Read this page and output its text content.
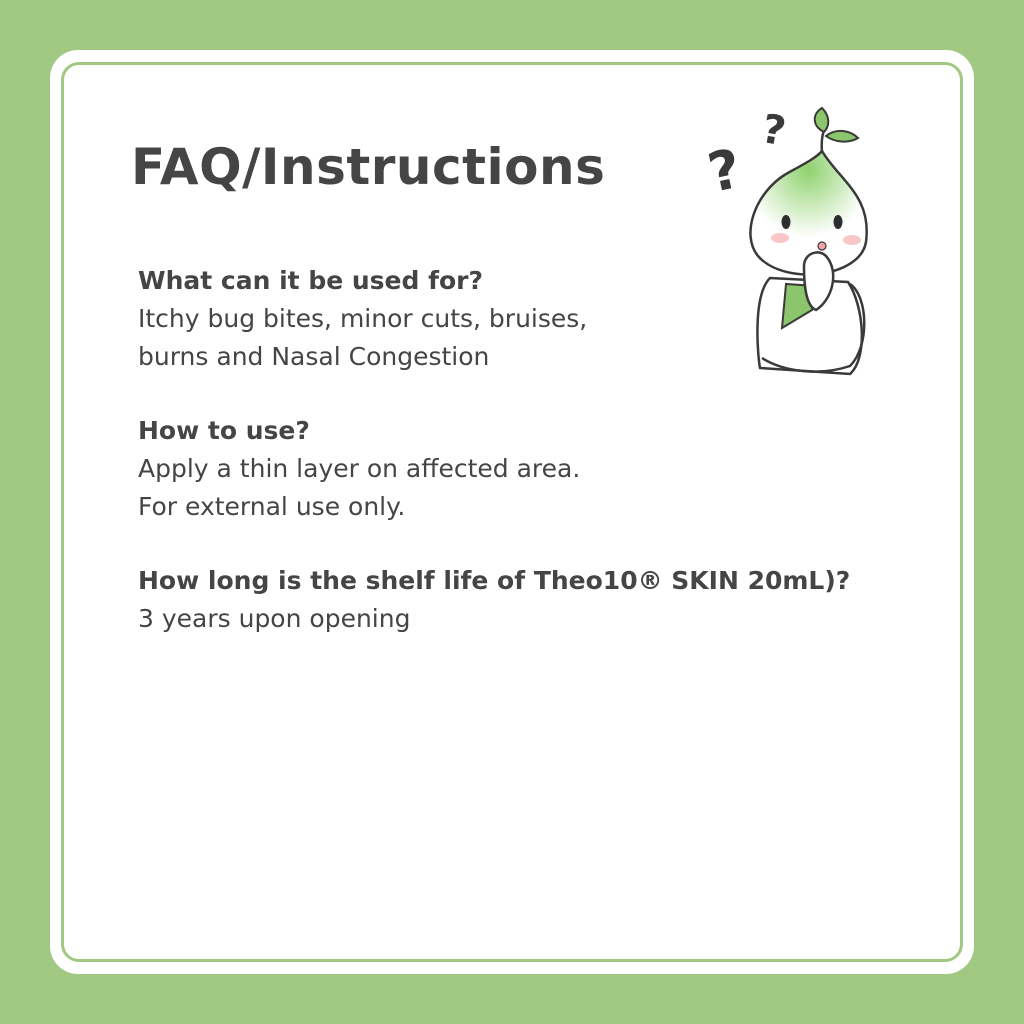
FAQ/Instructions
What can it be used for?
Itchy bug bites, minor cuts, bruises,
burns and Nasal Congestion
How to use?
Apply a thin layer on affected area.
For external use only.
How long is the shelf life of Theo10® SKIN 20mL)?
3 years upon opening
?
?
